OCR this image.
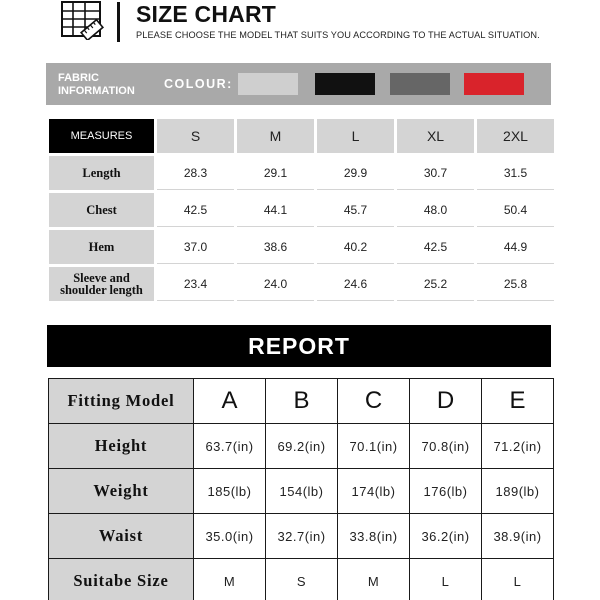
SIZE CHART
PLEASE CHOOSE THE MODEL THAT SUITS YOU ACCORDING TO THE ACTUAL SITUATION.
FABRIC
INFORMATION COLOUR:
MEASURES	S	M	L	XL	2XL
Length	28.3	29.1	29.9	30.7	31.5
Chest	42.5	44.1	45.7	48.0	50.4
Hem	37.0	38.6	40.2	42.5	44.9

Sleeve and
shoulder length	23.4	24.0	24.6	25.2	25.8
REPORT
Fitting Model	A	B	C	D	E
Height	63.7(in)	69.2(in)	70.1(in)	70.8(in)	71.2(in)
Weight	185(lb)	154(lb)	174(lb)	176(lb)	189(lb)
Waist	35.0(in)	32.7(in)	33.8(in)	36.2(in)	38.9(in)
Suitabe Size	M	S	M	L	L
